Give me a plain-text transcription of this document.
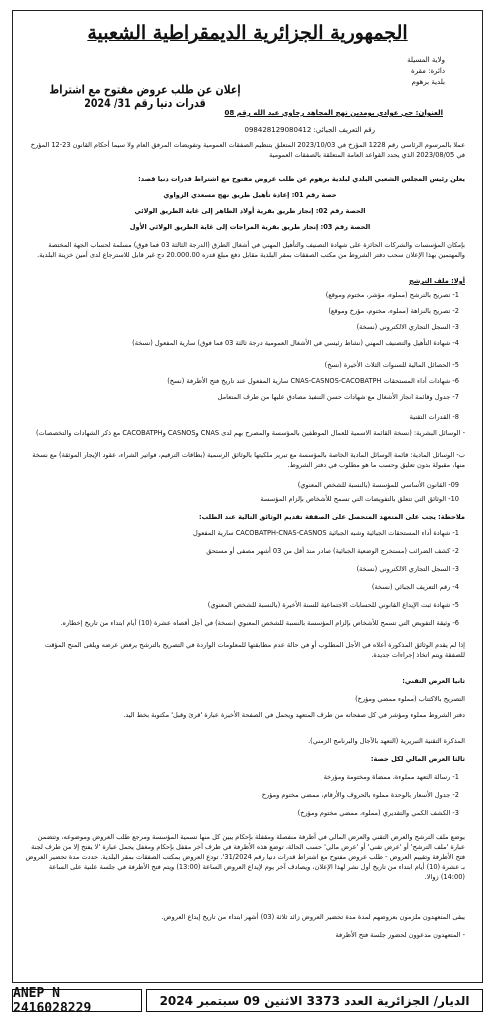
الجمهورية الجزائرية الديمقراطية الشعبية
ولاية المسيلة
دائرة: مقرة
بلدية برهوم
إعلان عن طلب عروض مفتوح مع اشتراط قدرات دنيا رقم 31/ 2024
العنوان: حي عوادي بومدين نهج المجاهد رحاوي عبد الله رقم 08
رقم التعريف الجبائي: 098428129080412
عملا بالمرسوم الرئاسي رقم 1228 المؤرخ في 2023/10/03 المتعلق بتنظيم الصفقات العمومية وتفويضات المرفق العام ولا سيما أحكام القانون 23-12 المؤرخ في 2023/08/05 الذي يحدد القواعد العامة المتعلقة بالصفقات العمومية
يعلن رئيس المجلس الشعبي البلدي لبلدية برهوم عن طلب عروض مفتوح مع اشتراط قدرات دنيا قصد:
حصة رقم 01: إعادة تأهيل طريق نهج مسعدي الزواوي
الحصة رقم 02: إنجاز طريق بقرية أولاد الطاهر إلى غاية الطريق الولائي
الحصة رقم 03: إنجاز طريق بقرية المراجات إلى غاية الطريق الولائي الأول
بإمكان المؤسسات والشركات الحائزة على شهادة التصنيف والتأهيل المهني في أشغال الطرق (الدرجة الثالثة 03 فما فوق) مسلمة لحساب الجهة المختصة والمهتمين بهذا الإعلان سحب دفتر الشروط من مكتب الصفقات بمقر البلدية مقابل دفع مبلغ قدره 20.000.00 دج غير قابل للاسترجاع لدى أمين خزينة البلدية.
أولا: ملف الترشح
1- تصريح بالترشح (مملوء، مؤشر، مختوم وموقع)
2- تصريح بالنزاهة (مملوء، مختوم، مؤرخ وموقع)
3- السجل التجاري الالكتروني (نسخة)
4- شهادة التأهيل والتصنيف المهني (نشاط رئيسي في الأشغال العمومية درجة ثالثة 03 فما فوق) سارية المفعول (نسخة)
5- الحصائل المالية للسنوات الثلاث الأخيرة (نسخ)
6- شهادات أداء المستحقات CNAS-CASNOS-CACOBATPH سارية المفعول عند تاريخ فتح الأظرفة (نسخ)
7- جدول وقائمة انجاز الأشغال مع شهادات حسن التنفيذ مصادق عليها من طرف المتعامل
8- القدرات التقنية
- الوسائل البشرية: (نسخة القائمة الاسمية للعمال الموظفين بالمؤسسة والمصرح بهم لدى CNAS وCASNOS وCACOBATPH مع ذكر الشهادات والتخصصات)
ب- الوسائل المادية: قائمة الوسائل المادية الخاصة بالمؤسسة مع تبرير ملكيتها بالوثائق الرسمية (بطاقات الترقيم، فواتير الشراء، عقود الإيجار الموثقة) مع نسخة منها، مقبولة بدون تعليق وحسب ما هو مطلوب في دفتر الشروط.
09- القانون الأساسي للمؤسسة (بالنسبة للشخص المعنوي)
10- الوثائق التي تتعلق بالتفويضات التي تسمح للأشخاص بإلزام المؤسسة
ملاحظة: يجب على المتعهد المتحصل على الصفقة تقديم الوثائق التالية عند الطلب:
1- شهادة أداء المستحقات الجبائية وشبه الجبائية CACOBATPH-CNAS-CASNOS سارية المفعول
2- كشف الضرائب (مستخرج الوضعية الجبائية) صادر منذ أقل من 03 أشهر مصفى أو مستحق
3- السجل التجاري الالكتروني (نسخة)
4- رقم التعريف الجبائي (نسخة)
5- شهادة ثبت الإيداع القانوني للحسابات الاجتماعية للسنة الأخيرة (بالنسبة للشخص المعنوي)
6- وثيقة التفويض التي تسمح للأشخاص بإلزام المؤسسة بالنسبة للشخص المعنوي (نسخة) في أجل أقصاه عشرة (10) أيام ابتداء من تاريخ إخطاره.
إذا لم يقدم الوثائق المذكورة أعلاه في الأجل المطلوب أو في حالة عدم مطابقتها للمعلومات الواردة في التصريح بالترشح يرفض عرضه ويلغى المنح المؤقت للصفقة ويتم اتخاذ إجراءات جديدة.
ثانيا العرض التقني:
التصريح بالاكتتاب (مملوء ممضي ومؤرخ)
دفتر الشروط مملوء ومؤشر في كل صفحاته من طرف المتعهد ويحمل في الصفحة الأخيرة عبارة 'قرئ وقبل' مكتوبة بخط اليد.
المذكرة التقنية التبريرية (التعهد بالآجال والبرنامج الزمني).
ثالثا العرض المالي لكل حصة:
1- رسالة التعهد مملوءة، ممضاة ومختومة ومؤرخة
2- جدول الأسعار بالوحدة مملوء بالحروف والأرقام، ممضي مختوم ومؤرخ
3- الكشف الكمي والتقديري (مملوء، ممضي مختوم ومؤرخ)
يوضع ملف الترشح والعرض التقني والعرض المالي في أظرفة منفصلة ومقفلة بإحكام يبين كل منها تسمية المؤسسة ومرجع طلب العروض وموضوعه، وتتضمن عبارة 'ملف الترشح' أو 'عرض تقني' أو 'عرض مالي' حسب الحالة، توضع هذه الأظرفة في ظرف آخر مقفل بإحكام ومغفل يحمل عبارة 'لا يفتح إلا من طرف لجنة فتح الأظرفة وتقييم العروض - طلب عروض مفتوح مع اشتراط قدرات دنيا رقم 31/2024'. تودع العروض بمكتب الصفقات بمقر البلدية. حددت مدة تحضير العروض بـ عشرة (10) أيام ابتداء من تاريخ أول نشر لهذا الإعلان، ويصادف آخر يوم لإيداع العروض الساعة (13:00) ويتم فتح الأظرفة في جلسة علنية على الساعة (14:00) زوالا.
يبقى المتعهدون ملزمون بعروضهم لمدة مدة تحضير العروض زائد ثلاثة (03) أشهر ابتداء من تاريخ إيداع العروض.
- المتعهدون مدعوون لحضور جلسة فتح الأظرفة
ANEP N 2416028229	الديار/ الجزائرية العدد 3373 الاثنين 09 سبتمبر 2024
